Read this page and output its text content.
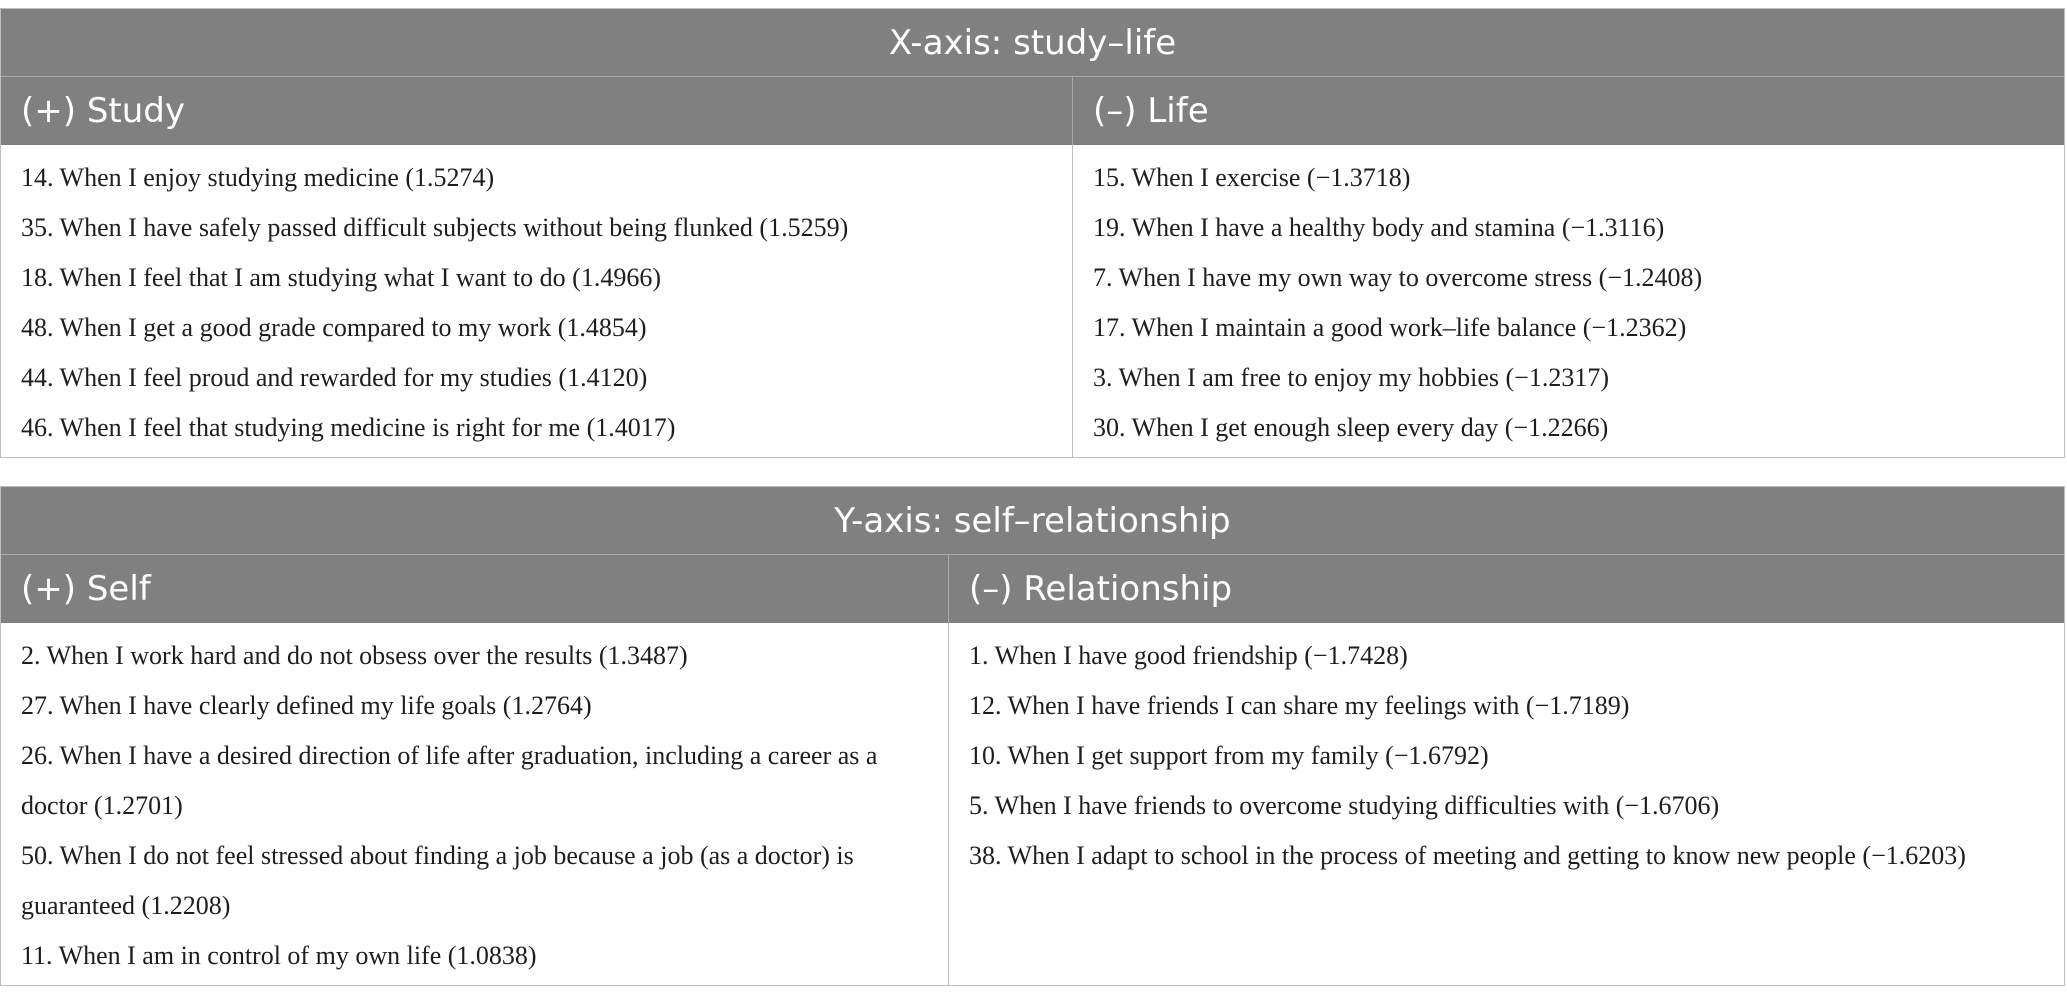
X-axis: study–life
(+) Study	(–) Life
14. When I enjoy studying medicine (1.5274)
35. When I have safely passed difficult subjects without being flunked (1.5259)
18. When I feel that I am studying what I want to do (1.4966)
48. When I get a good grade compared to my work (1.4854)
44. When I feel proud and rewarded for my studies (1.4120)
46. When I feel that studying medicine is right for me (1.4017)
15. When I exercise (−1.3718)
19. When I have a healthy body and stamina (−1.3116)
7. When I have my own way to overcome stress (−1.2408)
17. When I maintain a good work–life balance (−1.2362)
3. When I am free to enjoy my hobbies (−1.2317)
30. When I get enough sleep every day (−1.2266)
Y-axis: self–relationship
(+) Self	(–) Relationship
2. When I work hard and do not obsess over the results (1.3487)
27. When I have clearly defined my life goals (1.2764)
26. When I have a desired direction of life after graduation, including a career as a doctor (1.2701)
50. When I do not feel stressed about finding a job because a job (as a doctor) is guaranteed (1.2208)
11. When I am in control of my own life (1.0838)
1. When I have good friendship (−1.7428)
12. When I have friends I can share my feelings with (−1.7189)
10. When I get support from my family (−1.6792)
5. When I have friends to overcome studying difficulties with (−1.6706)
38. When I adapt to school in the process of meeting and getting to know new people (−1.6203)
